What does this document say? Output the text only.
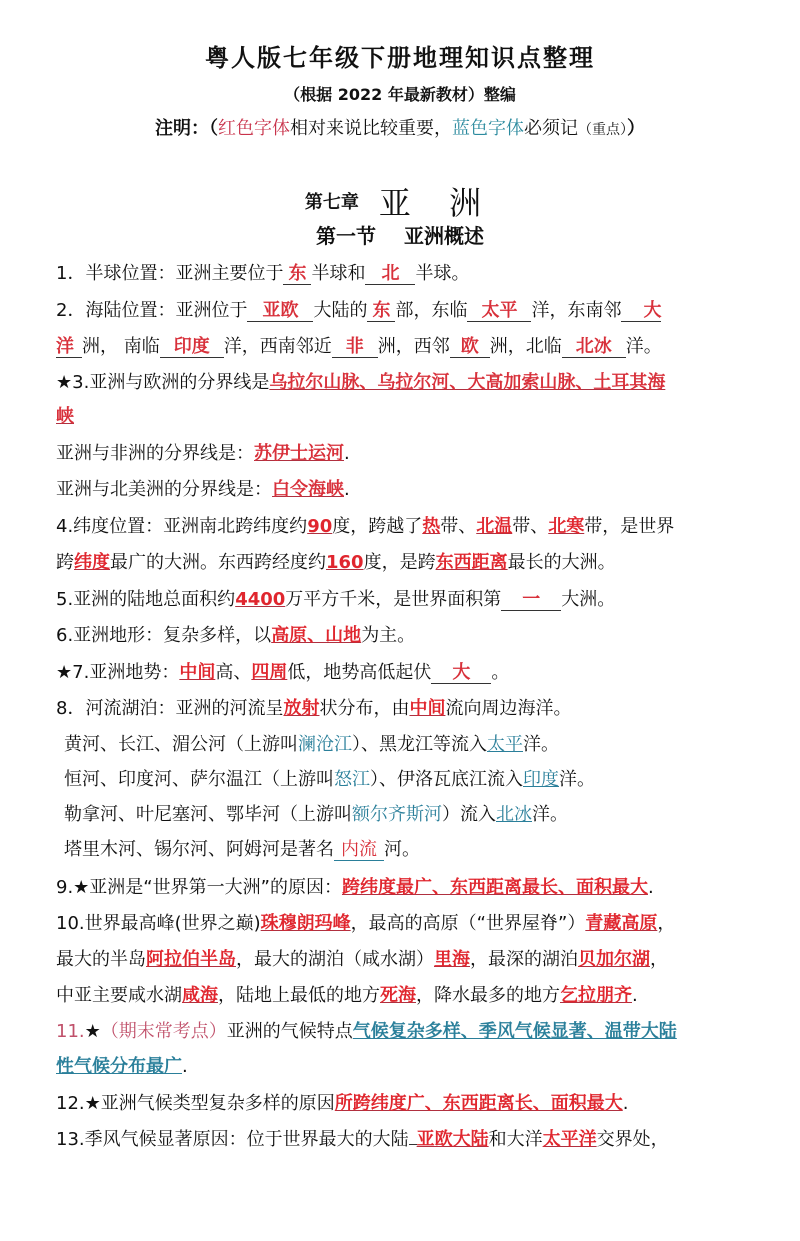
粤人版七年级下册地理知识点整理
（根据 2022 年最新教材）整编
注明：（红色字体相对来说比较重要，蓝色字体必须记（重点））
第七章 亚 洲
第一节 亚洲概述
1．半球位置：亚洲主要位于 东 半球和 北 半球。
2．海陆位置：亚洲位于 亚欧 大陆的 东 部，东临 太平 洋，东南邻 大
洋 洲， 南临 印度 洋，西南邻近 非 洲，西邻 欧 洲，北临 北冰 洋。
★3.亚洲与欧洲的分界线是乌拉尔山脉、乌拉尔河、大高加索山脉、土耳其海
峡
亚洲与非洲的分界线是：苏伊士运河.
亚洲与北美洲的分界线是：白令海峡.
4.纬度位置：亚洲南北跨纬度约90度，跨越了热带、北温带、北寒带，是世界
跨纬度最广的大洲。东西跨经度约160度，是跨东西距离最长的大洲。
5.亚洲的陆地总面积约4400万平方千米，是世界面积第 一 大洲。
6.亚洲地形：复杂多样，以高原、山地为主。
★7.亚洲地势：中间高、四周低，地势高低起伏 大 。
8．河流湖泊：亚洲的河流呈放射状分布，由中间流向周边海洋。
黄河、长江、湄公河（上游叫澜沧江）、黑龙江等流入太平洋。
恒河、印度河、萨尔温江（上游叫怒江）、伊洛瓦底江流入印度洋。
勒拿河、叶尼塞河、鄂毕河（上游叫额尔齐斯河）流入北冰洋。
塔里木河、锡尔河、阿姆河是著名 内流 河。
9.★亚洲是“世界第一大洲”的原因：跨纬度最广、东西距离最长、面积最大.
10.世界最高峰(世界之巅)珠穆朗玛峰，最高的高原（“世界屋脊”）青藏高原，
最大的半岛阿拉伯半岛，最大的湖泊（咸水湖）里海，最深的湖泊贝加尔湖，
中亚主要咸水湖咸海，陆地上最低的地方死海，降水最多的地方乞拉朋齐.
11.★（期末常考点）亚洲的气候特点气候复杂多样、季风气候显著、温带大陆
性气候分布最广.
12.★亚洲气候类型复杂多样的原因所跨纬度广、东西距离长、面积最大.
13.季风气候显著原因：位于世界最大的大陆 亚欧大陆和大洋太平洋交界处，
